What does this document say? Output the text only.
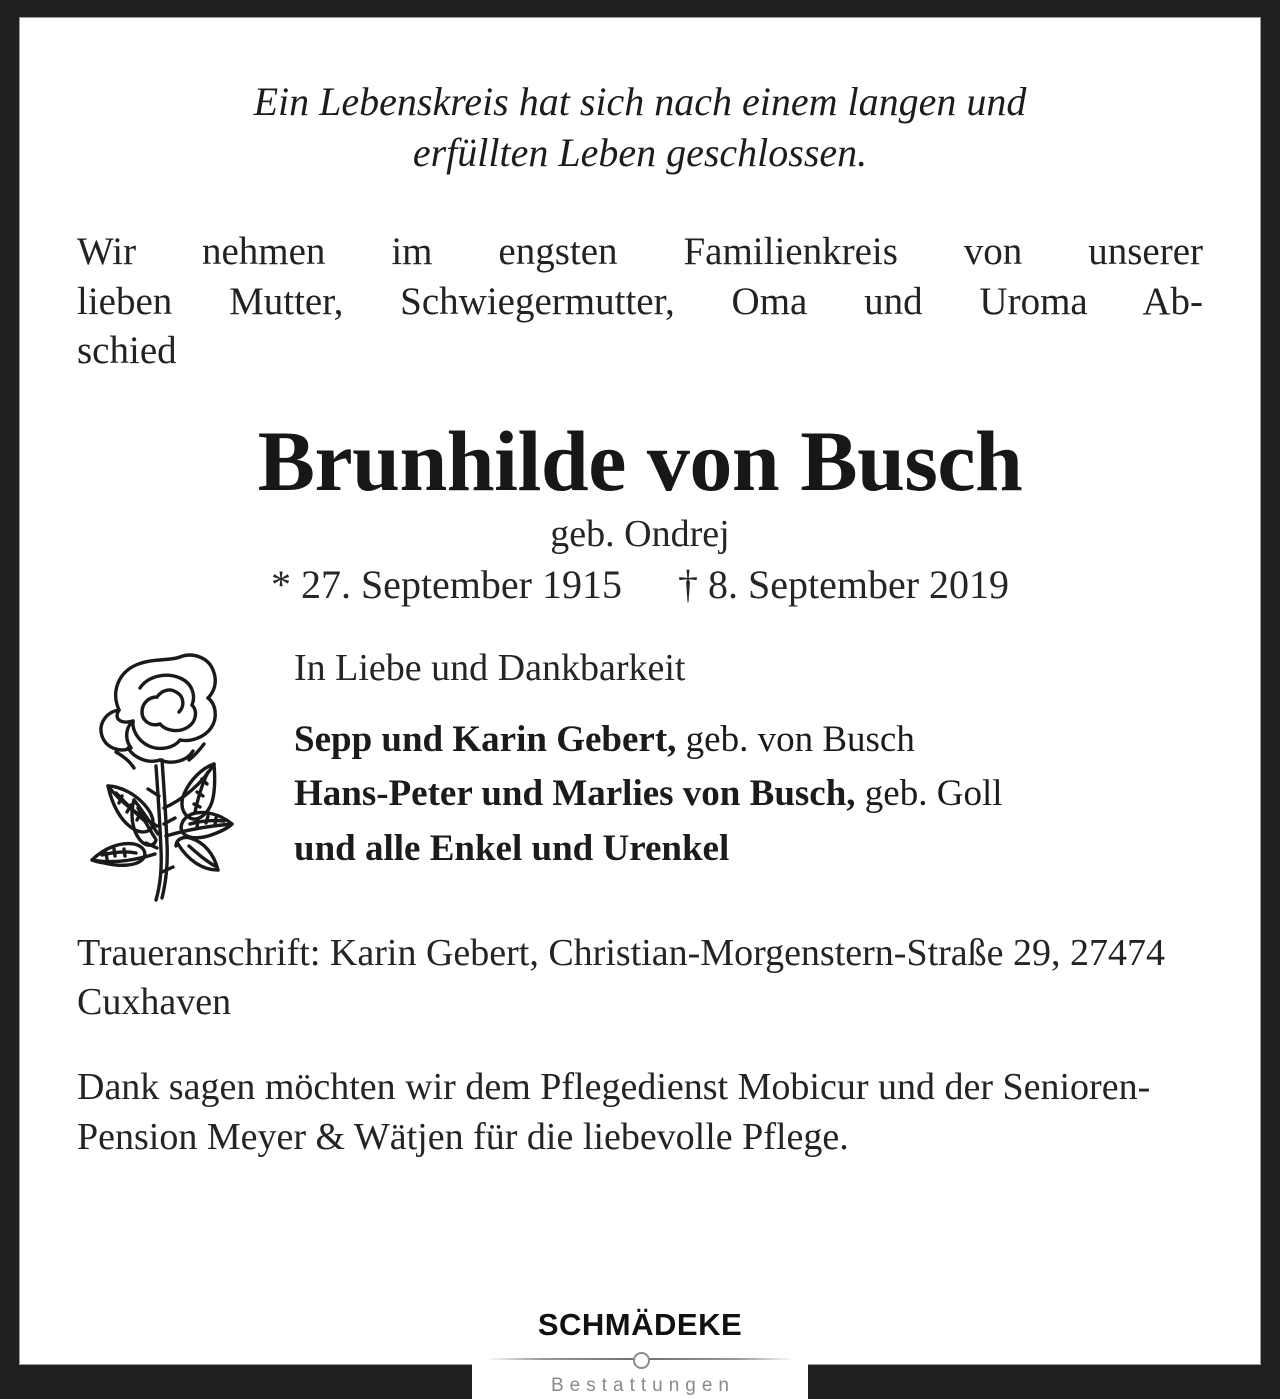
Ein Lebenskreis hat sich nach einem langen und erfüllten Leben geschlossen.
Wir nehmen im engsten Familienkreis von unserer
lieben Mutter, Schwiegermutter, Oma und Uroma Ab-
schied
Brunhilde von Busch
geb. Ondrej
* 27. September 1915 † 8. September 2019
In Liebe und Dankbarkeit
Sepp und Karin Gebert, geb. von Busch
Hans-Peter und Marlies von Busch, geb. Goll
und alle Enkel und Urenkel
Traueranschrift: Karin Gebert, Christian-Morgenstern-Straße 29, 27474 Cuxhaven
Dank sagen möchten wir dem Pflegedienst Mobicur und der Senioren-Pension Meyer & Wätjen für die liebevolle Pflege.
SCHMÄDEKE
Bestattungen
